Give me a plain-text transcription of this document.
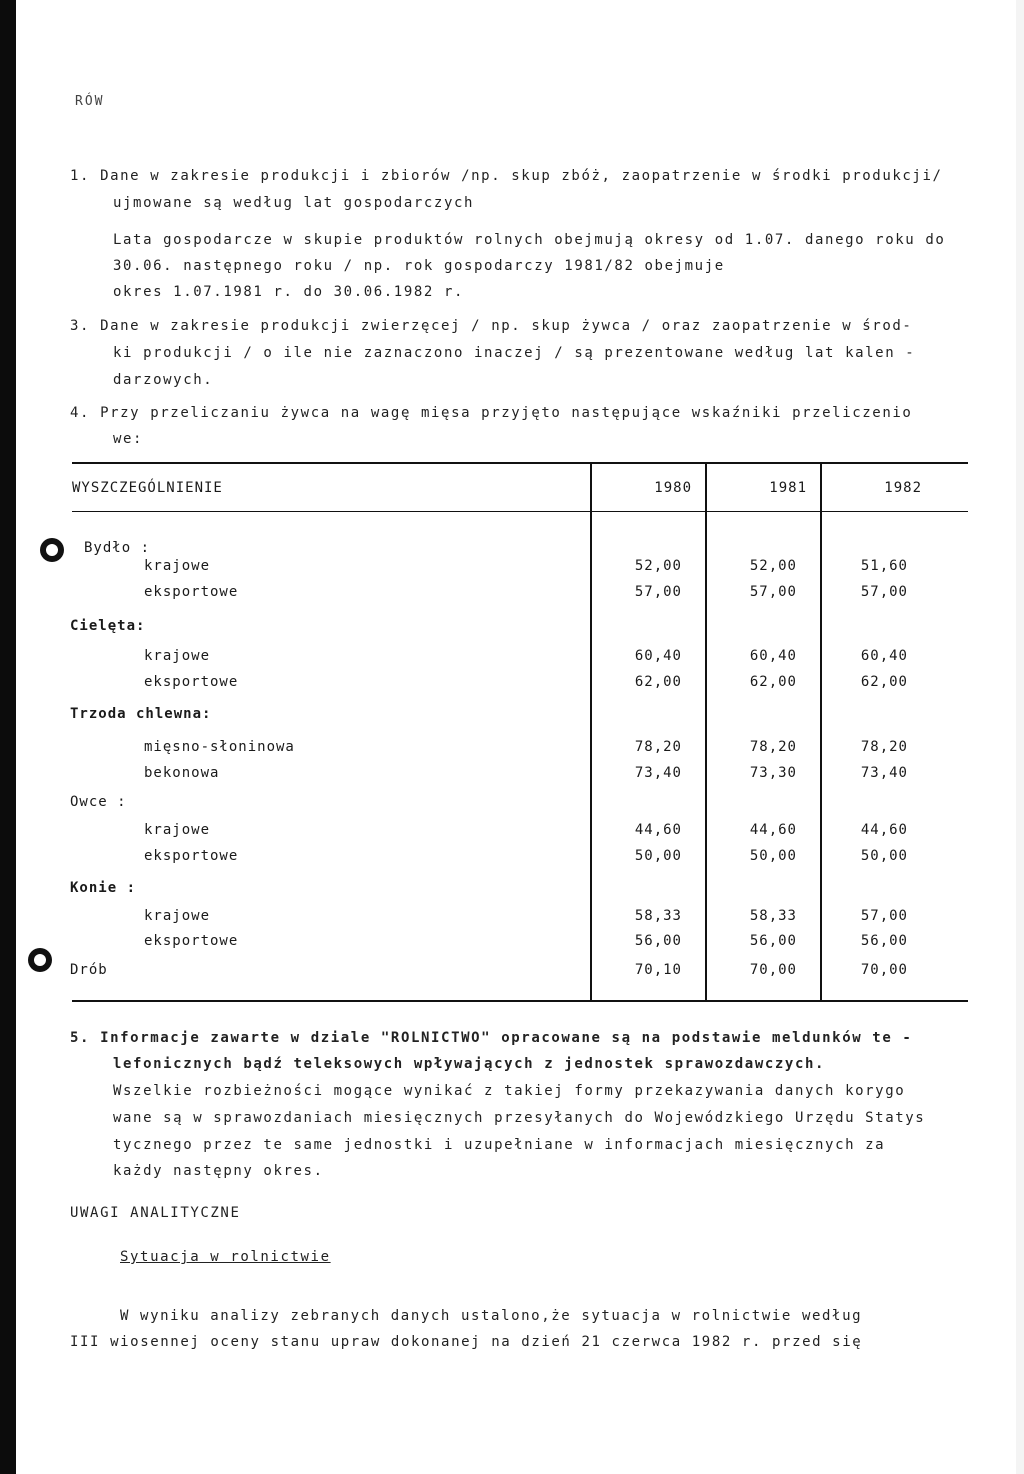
RÓW
1. Dane w zakresie produkcji i zbiorów /np. skup zbóż, zaopatrzenie w środki produkcji/
ujmowane są według lat gospodarczych
Lata gospodarcze w skupie produktów rolnych obejmują okresy od 1.07. danego roku do
30.06. następnego roku / np. rok gospodarczy 1981/82 obejmuje
okres 1.07.1981 r. do 30.06.1982 r.
3. Dane w zakresie produkcji zwierzęcej / np. skup żywca / oraz zaopatrzenie w środ-
ki produkcji / o ile nie zaznaczono inaczej / są prezentowane według lat kalen -
darzowych.
4. Przy przeliczaniu żywca na wagę mięsa przyjęto następujące wskaźniki przeliczenio
we:
WYSZCZEGÓLNIENIE	1980	1981	1982
Bydło :
krajowe	52,00	52,00	51,60
eksportowe	57,00	57,00	57,00
Cielęta:
krajowe	60,40	60,40	60,40
eksportowe	62,00	62,00	62,00
Trzoda chlewna:
mięsno-słoninowa	78,20	78,20	78,20
bekonowa	73,40	73,30	73,40
Owce :
krajowe	44,60	44,60	44,60
eksportowe	50,00	50,00	50,00
Konie :
krajowe	58,33	58,33	57,00
eksportowe	56,00	56,00	56,00
Drób	70,10	70,00	70,00
5. Informacje zawarte w dziale "ROLNICTWO" opracowane są na podstawie meldunków te -
lefonicznych bądź teleksowych wpływających z jednostek sprawozdawczych.
Wszelkie rozbieżności mogące wynikać z takiej formy przekazywania danych korygo
wane są w sprawozdaniach miesięcznych przesyłanych do Wojewódzkiego Urzędu Statys
tycznego przez te same jednostki i uzupełniane w informacjach miesięcznych za
każdy następny okres.
UWAGI ANALITYCZNE
Sytuacja w rolnictwie
W wyniku analizy zebranych danych ustalono,że sytuacja w rolnictwie według
III wiosennej oceny stanu upraw dokonanej na dzień 21 czerwca 1982 r. przed się
